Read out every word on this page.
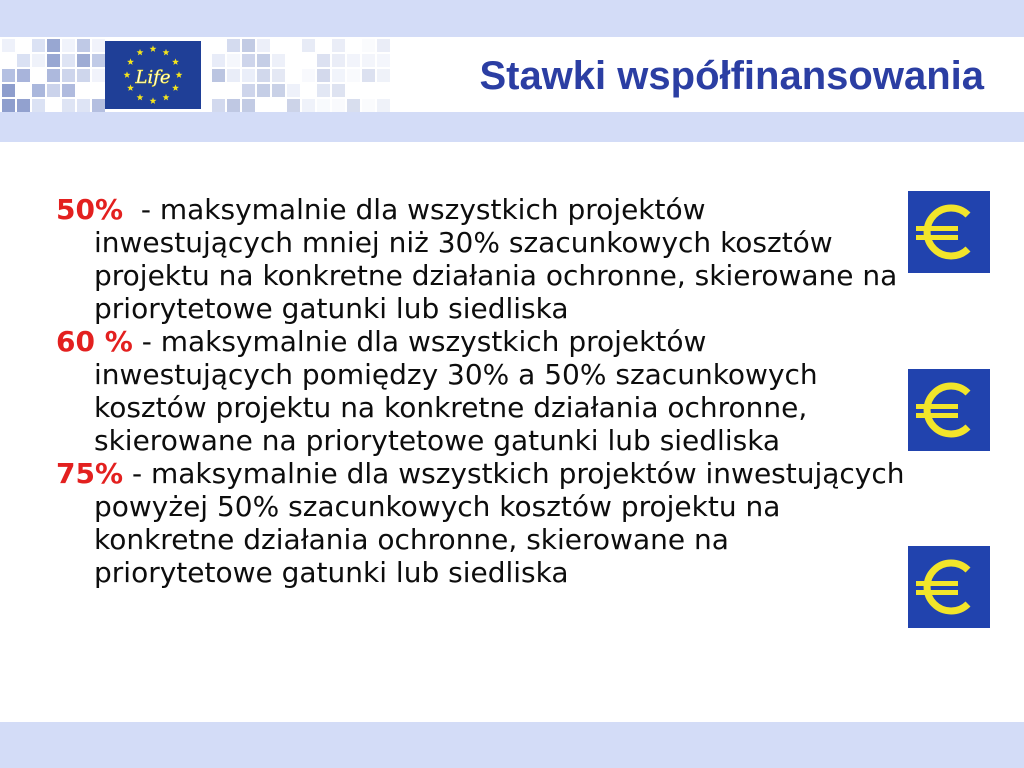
Life	Stawki współfinansowania

50% - maksymalnie dla wszystkich projektów inwestujących mniej niż 30% szacunkowych kosztów projektu na konkretne działania ochronne, skierowane na priorytetowe gatunki lub siedliska

60 % - maksymalnie dla wszystkich projektów inwestujących pomiędzy 30% a 50% szacunkowych kosztów projektu na konkretne działania ochronne, skierowane na priorytetowe gatunki lub siedliska

75% - maksymalnie dla wszystkich projektów inwestujących powyżej 50% szacunkowych kosztów projektu na konkretne działania ochronne, skierowane na priorytetowe gatunki lub siedliska
